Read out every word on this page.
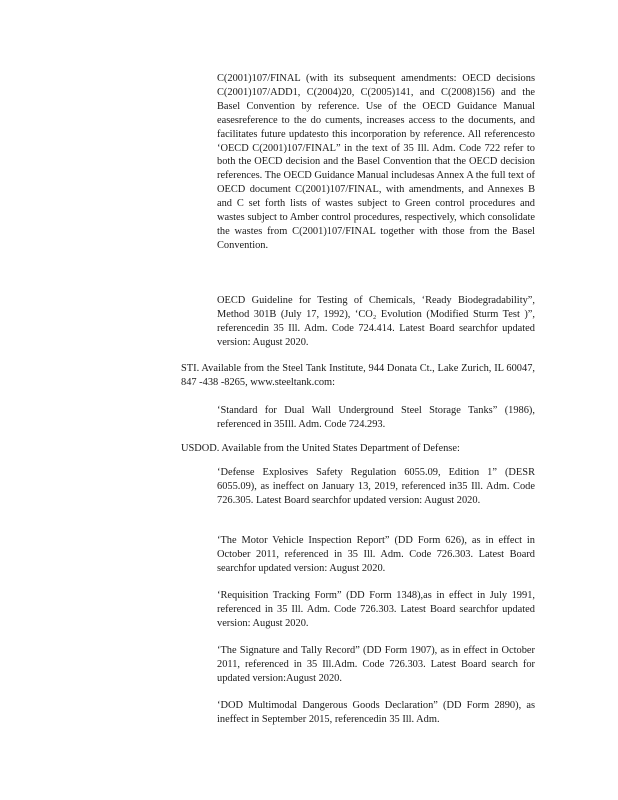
C(2001)107/FINAL (with its subsequent amendments: OECD decisions C(2001)107/ADD1, C(2004)20, C(2005)141, and C(2008)156) and the Basel Convention by reference. Use of the OECD Guidance Manual easesreference to the do cuments, increases access to the documents, and facilitates future updatesto this incorporation by reference. All referencesto ‘OECD C(2001)107/FINAL” in the text of 35 Ill. Adm. Code 722 refer to both the OECD decision and the Basel Convention that the OECD decision references. The OECD Guidance Manual includesas Annex A the full text of OECD document C(2001)107/FINAL, with amendments, and Annexes B and C set forth lists of wastes subject to Green control procedures and wastes subject to Amber control procedures, respectively, which consolidate the wastes from C(2001)107/FINAL together with those from the Basel Convention.

OECD Guideline for Testing of Chemicals, ‘Ready Biodegradability”, Method 301B (July 17, 1992), ‘CO₂ Evolution (Modified Sturm Test )”, referencedin 35 Ill. Adm. Code 724.414. Latest Board searchfor updated version: August 2020.

STI. Available from the Steel Tank Institute, 944 Donata Ct., Lake Zurich, IL 60047, 847 -438 -8265, www.steeltank.com:

‘Standard for Dual Wall Underground Steel Storage Tanks” (1986), referenced in 35Ill. Adm. Code 724.293.

USDOD. Available from the United States Department of Defense:

‘Defense Explosives Safety Regulation 6055.09, Edition 1” (DESR 6055.09), as ineffect on January 13, 2019, referenced in35 Ill. Adm. Code 726.305. Latest Board searchfor updated version: August 2020.

‘The Motor Vehicle Inspection Report” (DD Form 626), as in effect in October 2011, referenced in 35 Ill. Adm. Code 726.303. Latest Board searchfor updated version: August 2020.

‘Requisition Tracking Form” (DD Form 1348),as in effect in July 1991, referenced in 35 Ill. Adm. Code 726.303. Latest Board searchfor updated version: August 2020.

‘The Signature and Tally Record” (DD Form 1907), as in effect in October 2011, referenced in 35 Ill.Adm. Code 726.303. Latest Board search for updated version:August 2020.

‘DOD Multimodal Dangerous Goods Declaration” (DD Form 2890), as ineffect in September 2015, referencedin 35 Ill. Adm.
